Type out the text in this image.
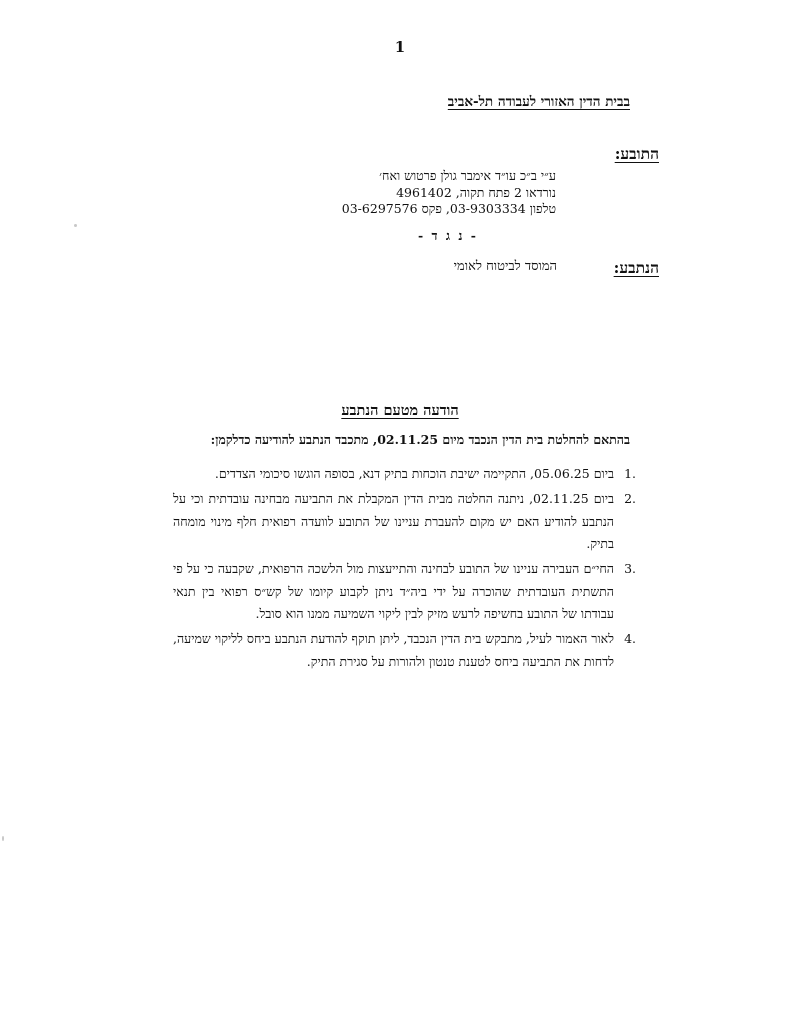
1
בבית הדין האזורי לעבודה תל-אביב
התובע:
ע״י ב״כ עו״ד אימבר גולן פרטוש ואח׳
נורדאו 2 פתח תקוה, 4961402
טלפון 03-9303334, פקס 03-6297576
- נ ג ד -
הנתבע:
המוסד לביטוח לאומי
הודעה מטעם הנתבע
בהתאם להחלטת בית הדין הנכבד מיום 02.11.25, מתכבד הנתבע להודיעה כדלקמן:
1.
ביום 05.06.25, התקיימה ישיבת הוכחות בתיק דנא, בסופה הוגשו סיכומי הצדדים.
2.
ביום 02.11.25, ניתנה החלטה מבית הדין המקבלת את התביעה מבחינה עובדתית וכי על הנתבע להודיע האם יש מקום להעברת עניינו של התובע לוועדה רפואית חלף מינוי מומחה בתיק.
3.
החי״ם העבירה עניינו של התובע לבחינה והתייעצות מול הלשכה הרפואית, שקבעה כי על פי התשתית העובדתית שהוכרה על ידי ביה״ד ניתן לקבוע קיומו של קש״ס רפואי בין תנאי עבודתו של התובע בחשיפה לרעש מזיק לבין ליקוי השמיעה ממנו הוא סובל.
4.
לאור האמור לעיל, מתבקש בית הדין הנכבד, ליתן תוקף להודעת הנתבע ביחס לליקוי שמיעה, לדחות את התביעה ביחס לטענת טנטון ולהורות על סגירת התיק.
